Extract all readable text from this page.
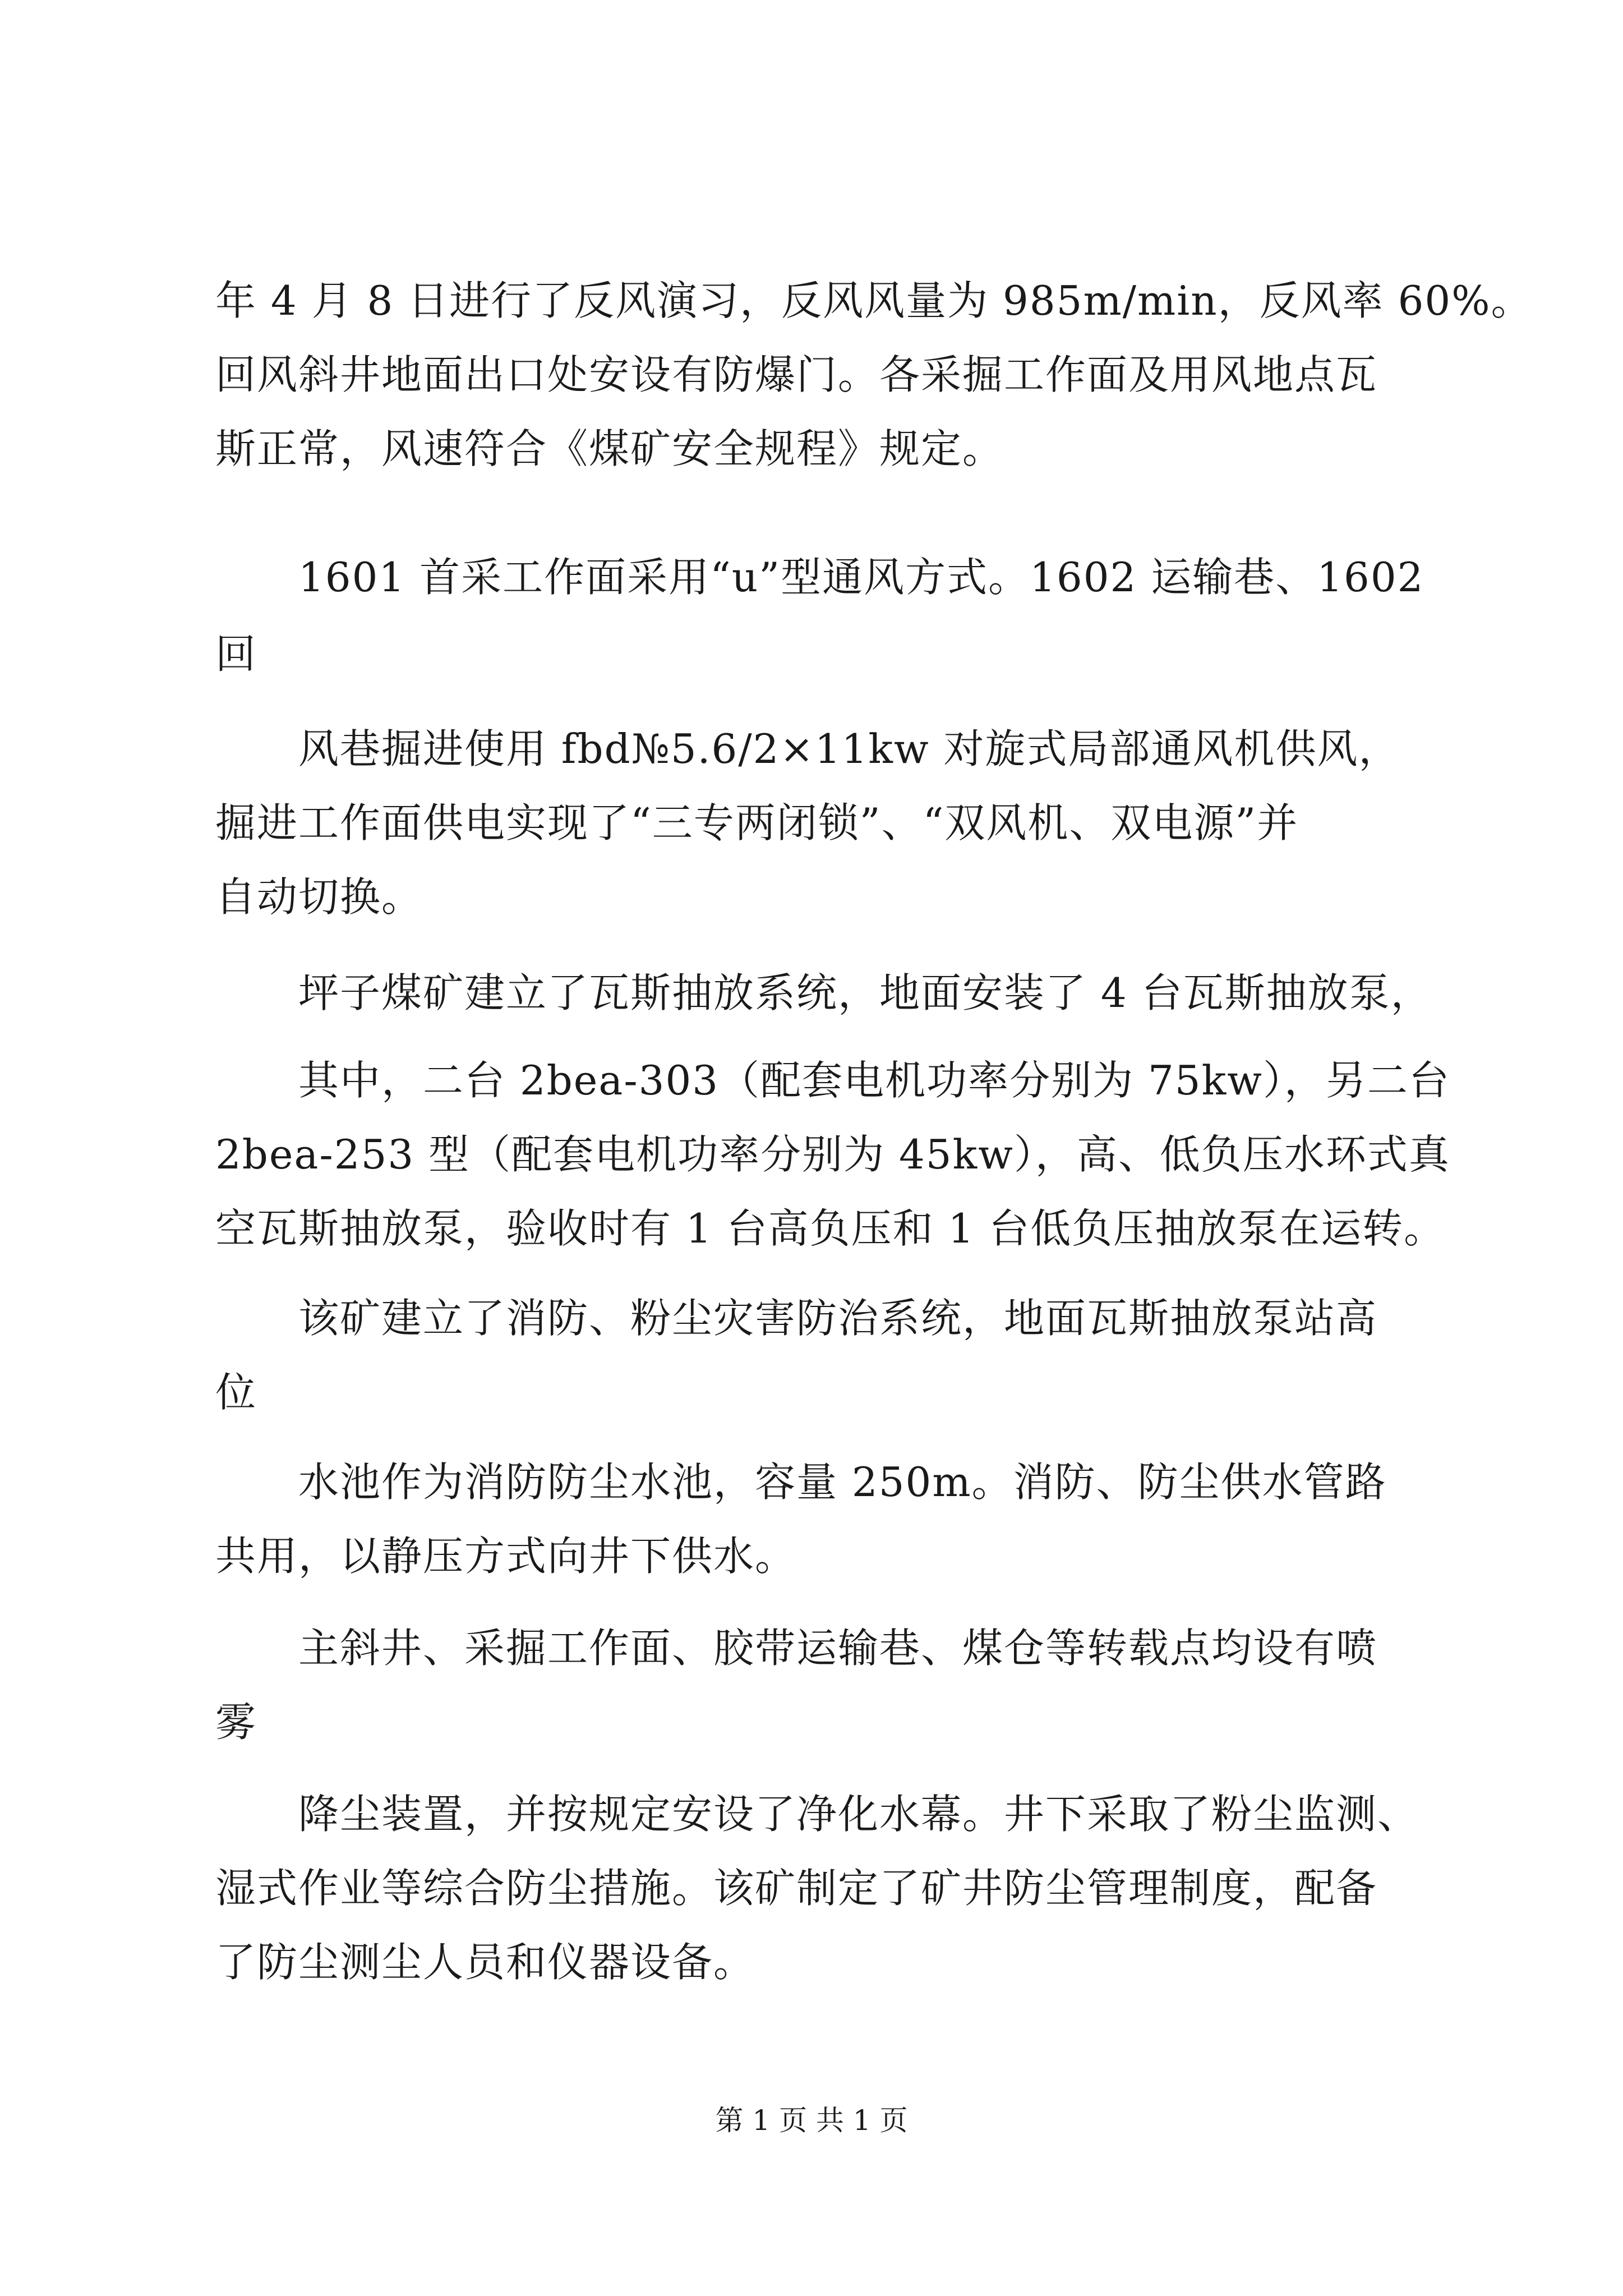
年 4 月 8 日进行了反风演习，反风风量为 985m/min，反风率 60%。
回风斜井地面出口处安设有防爆门。各采掘工作面及用风地点瓦
斯正常，风速符合《煤矿安全规程》规定。
　　1601 首采工作面采用“u”型通风方式。1602 运输巷、1602
回
　　风巷掘进使用 fbd№5.6/2×11kw 对旋式局部通风机供风，
掘进工作面供电实现了“三专两闭锁”、“双风机、双电源”并
自动切换。
　　坪子煤矿建立了瓦斯抽放系统，地面安装了 4 台瓦斯抽放泵，
　　其中，二台 2bea-303（配套电机功率分别为 75kw），另二台
2bea-253 型（配套电机功率分别为 45kw），高、低负压水环式真
空瓦斯抽放泵，验收时有 1 台高负压和 1 台低负压抽放泵在运转。
　　该矿建立了消防、粉尘灾害防治系统，地面瓦斯抽放泵站高
位
　　水池作为消防防尘水池，容量 250m。消防、防尘供水管路
共用，以静压方式向井下供水。
　　主斜井、采掘工作面、胶带运输巷、煤仓等转载点均设有喷
雾
　　降尘装置，并按规定安设了净化水幕。井下采取了粉尘监测、
湿式作业等综合防尘措施。该矿制定了矿井防尘管理制度，配备
了防尘测尘人员和仪器设备。
第 1 页 共 1 页
